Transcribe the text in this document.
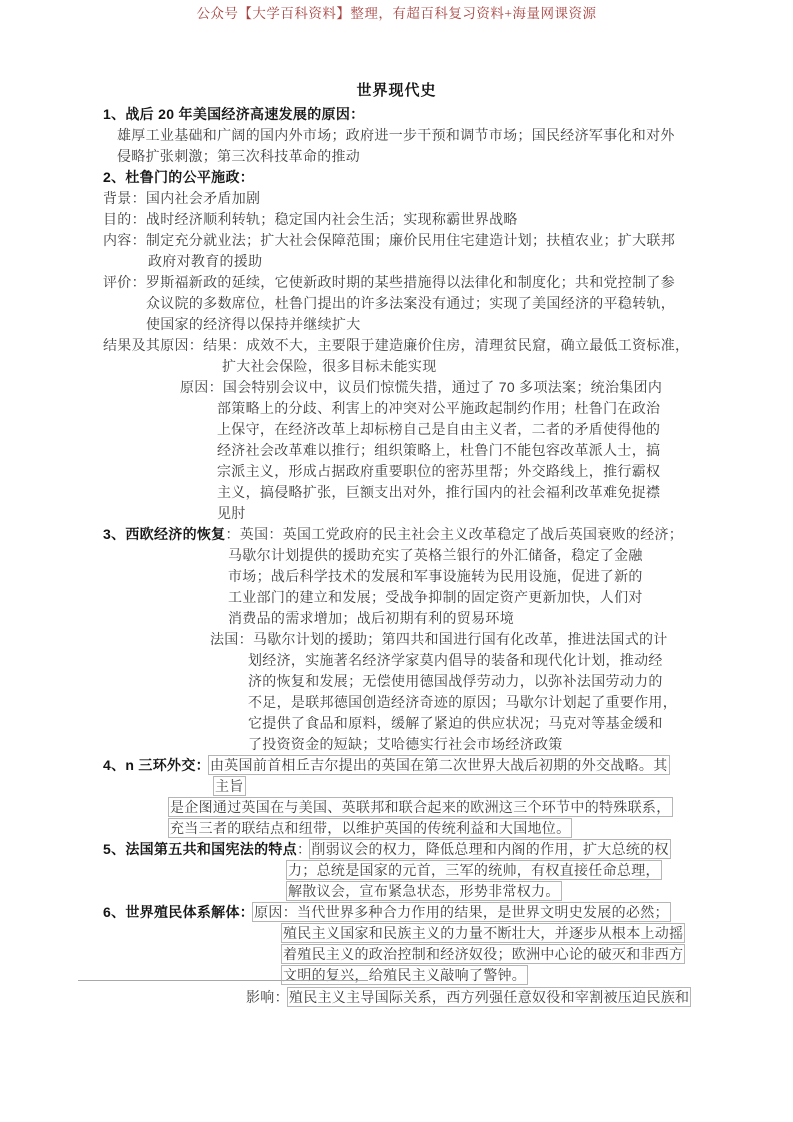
公众号【大学百科资料】整理，有超百科复习资料+海量网课资源
世界现代史
1、战后 20 年美国经济高速发展的原因：
雄厚工业基础和广阔的国内外市场；政府进一步干预和调节市场；国民经济军事化和对外
侵略扩张刺激；第三次科技革命的推动
2、杜鲁门的公平施政：
背景：国内社会矛盾加剧
目的：战时经济顺利转轨；稳定国内社会生活；实现称霸世界战略
内容：制定充分就业法；扩大社会保障范围；廉价民用住宅建造计划；扶植农业；扩大联邦
政府对教育的援助
评价：罗斯福新政的延续，它使新政时期的某些措施得以法律化和制度化；共和党控制了参
众议院的多数席位，杜鲁门提出的许多法案没有通过；实现了美国经济的平稳转轨，
使国家的经济得以保持并继续扩大
结果及其原因：结果：成效不大，主要限于建造廉价住房，清理贫民窟，确立最低工资标准，
扩大社会保险，很多目标未能实现
原因：国会特别会议中，议员们惊慌失措，通过了 70 多项法案；统治集团内
部策略上的分歧、利害上的冲突对公平施政起制约作用；杜鲁门在政治
上保守，在经济改革上却标榜自己是自由主义者，二者的矛盾使得他的
经济社会改革难以推行；组织策略上，杜鲁门不能包容改革派人士，搞
宗派主义，形成占据政府重要职位的密苏里帮；外交路线上，推行霸权
主义，搞侵略扩张，巨额支出对外，推行国内的社会福利改革难免捉襟
见肘
3、西欧经济的恢复：英国：英国工党政府的民主社会主义改革稳定了战后英国衰败的经济；
马歇尔计划提供的援助充实了英格兰银行的外汇储备，稳定了金融
市场；战后科学技术的发展和军事设施转为民用设施，促进了新的
工业部门的建立和发展；受战争抑制的固定资产更新加快，人们对
消费品的需求增加；战后初期有利的贸易环境
法国：马歇尔计划的援助；第四共和国进行国有化改革，推进法国式的计
划经济，实施著名经济学家莫内倡导的装备和现代化计划，推动经
济的恢复和发展；无偿使用德国战俘劳动力，以弥补法国劳动力的
不足，是联邦德国创造经济奇迹的原因；马歇尔计划起了重要作用，
它提供了食品和原料，缓解了紧迫的供应状况；马克对等基金缓和
了投资资金的短缺；艾哈德实行社会市场经济政策
4、n 三环外交：由英国前首相丘吉尔提出的英国在第二次世界大战后初期的外交战略。其
主旨
是企图通过英国在与美国、英联邦和联合起来的欧洲这三个环节中的特殊联系，
充当三者的联结点和纽带，以维护英国的传统利益和大国地位。
5、法国第五共和国宪法的特点：削弱议会的权力，降低总理和内阁的作用，扩大总统的权
力；总统是国家的元首，三军的统帅，有权直接任命总理，
解散议会，宣布紧急状态，形势非常权力。
6、世界殖民体系解体：原因：当代世界多种合力作用的结果，是世界文明史发展的必然；
殖民主义国家和民族主义的力量不断壮大，并逐步从根本上动摇
着殖民主义的政治控制和经济奴役；欧洲中心论的破灭和非西方
文明的复兴，给殖民主义敲响了警钟。
影响：殖民主义主导国际关系，西方列强任意奴役和宰割被压迫民族和
